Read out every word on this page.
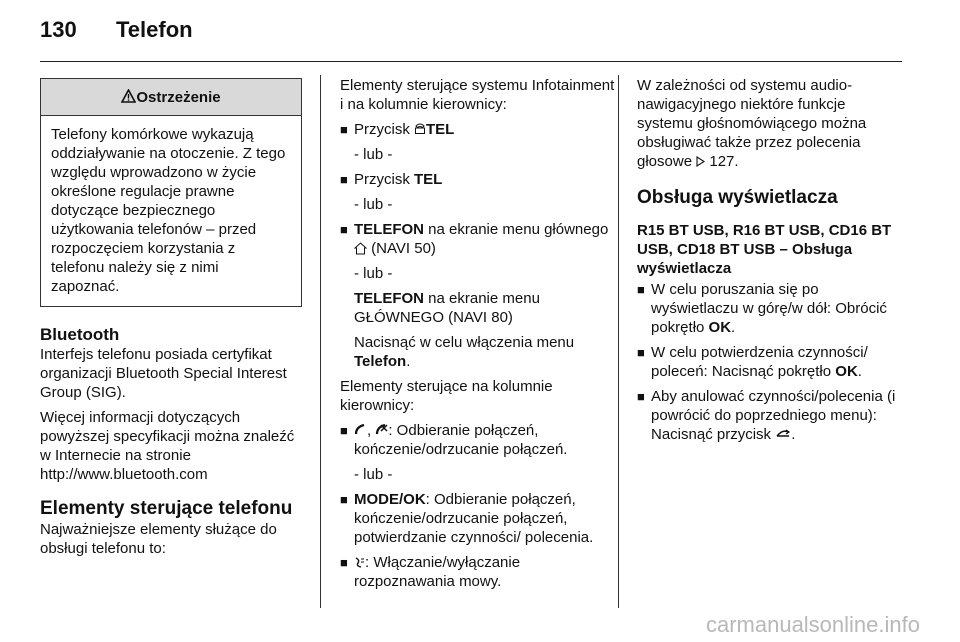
130 Telefon
Ostrzeżenie
Telefony komórkowe wykazują oddziaływanie na otoczenie. Z tego względu wprowadzono w życie określone regulacje prawne dotyczące bezpiecznego użytkowania telefonów – przed rozpoczęciem korzystania z telefonu należy się z nimi zapoznać.
Bluetooth

Interfejs telefonu posiada certyfikat organizacji Bluetooth Special Interest Group (SIG).

Więcej informacji dotyczących powyższej specyfikacji można znaleźć w Internecie na stronie http://www.bluetooth.com

Elementy sterujące telefonu

Najważniejsze elementy służące do obsługi telefonu to:

Elementy sterujące systemu Infotainment i na kolumnie kierownicy:

■ Przycisk TEL

- lub -

■ Przycisk TEL

- lub -

■ TELEFON na ekranie menu głównego  (NAVI 50)

- lub -

TELEFON na ekranie menu GŁÓWNEGO (NAVI 80)

Nacisnąć w celu włączenia menu Telefon.

Elementy sterujące na kolumnie kierownicy:

■ , : Odbieranie połączeń, kończenie/odrzucanie połączeń.

- lub -

■ MODE/OK: Odbieranie połączeń, kończenie/odrzucanie połączeń, potwierdzanie czynności/ polecenia.
■ : Włączanie/wyłączanie rozpoznawania mowy.

W zależności od systemu audio-nawigacyjnego niektóre funkcje systemu głośnomówiącego można obsługiwać także przez polecenia głosowe  127.

Obsługa wyświetlacza
R15 BT USB, R16 BT USB, CD16 BT USB, CD18 BT USB – Obsługa wyświetlacza
■ W celu poruszania się po wyświetlaczu w górę/w dół: Obrócić pokrętło OK.
■ W celu potwierdzenia czynności/ poleceń: Nacisnąć pokrętło OK.
■ Aby anulować czynności/polecenia (i powrócić do poprzedniego menu): Nacisnąć przycisk .
carmanualsonline.info
